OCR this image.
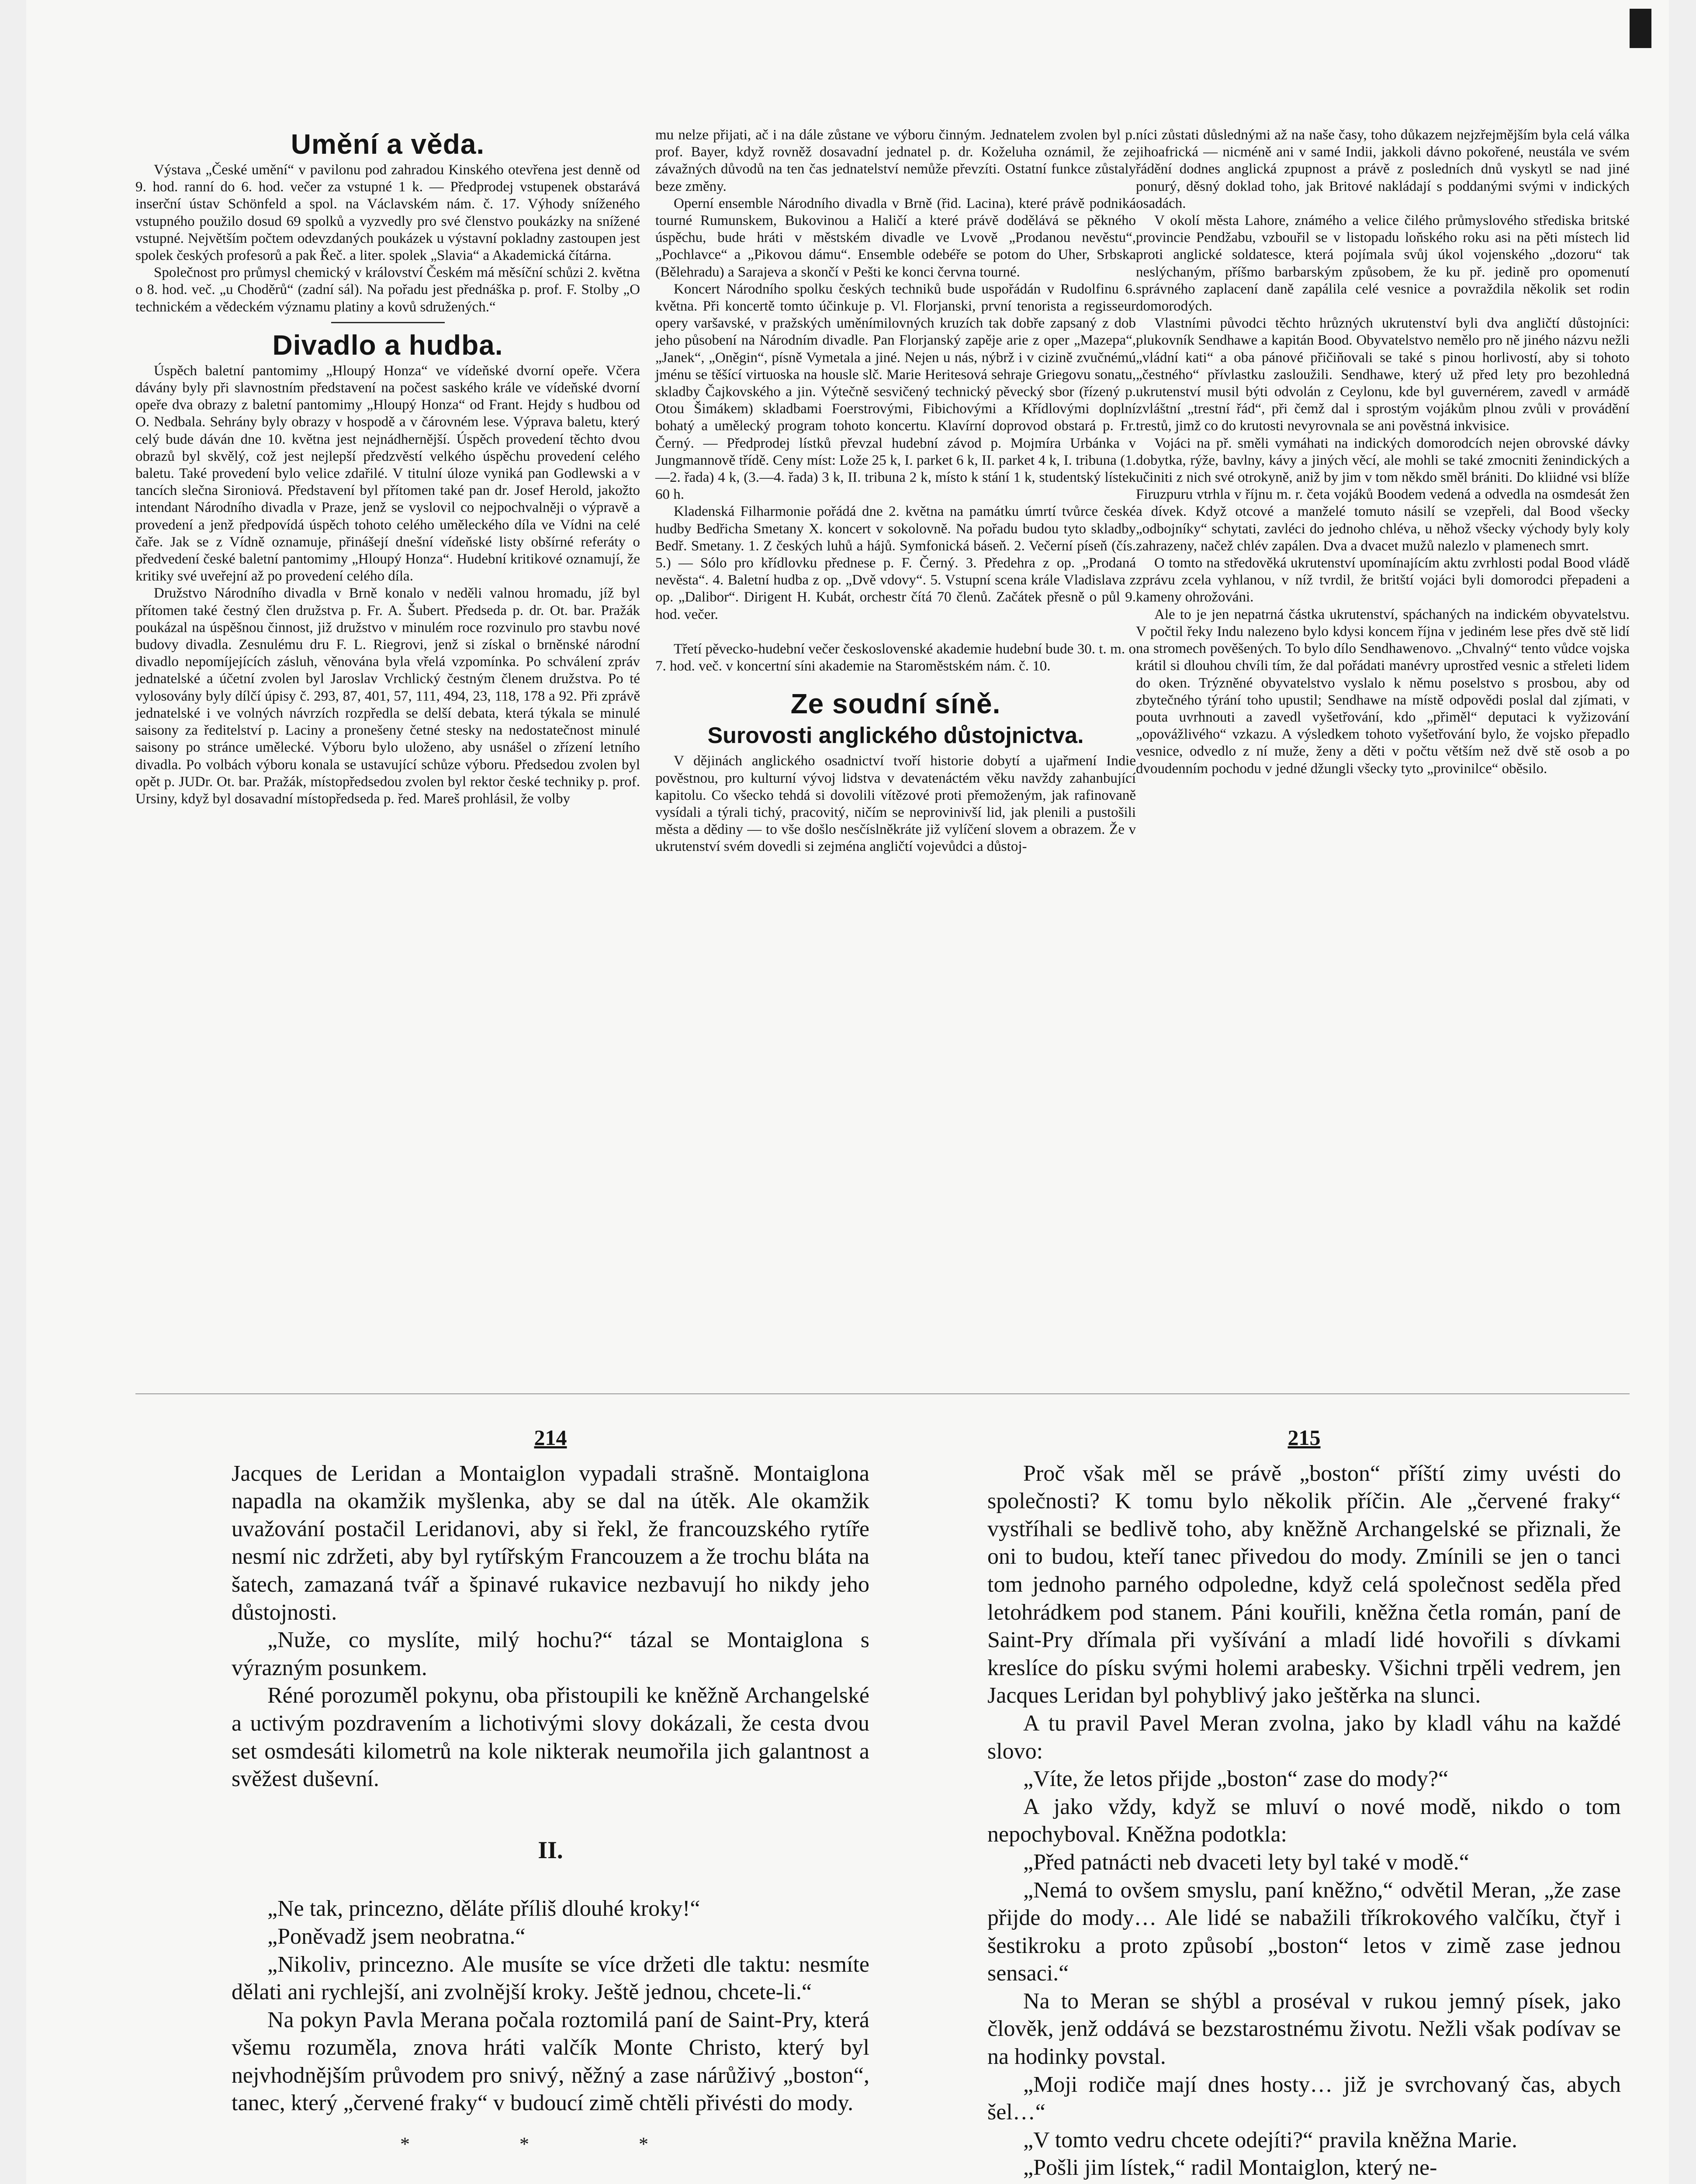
Umění a věda.

Výstava „České umění“ v pavilonu pod zahradou Kinského otevřena jest denně od 9. hod. ranní do 6. hod. večer za vstupné 1 k. — Předprodej vstupenek obstarává inserční ústav Schönfeld a spol. na Václavském nám. č. 17. Výhody sníženého vstupného použilo dosud 69 spolků a vyzvedly pro své členstvo poukázky na snížené vstupné. Největším počtem odevzdaných poukázek u výstavní pokladny zastoupen jest spolek českých profesorů a pak Řeč. a liter. spolek „Slavia“ a Akademická čítárna.

Společnost pro průmysl chemický v království Českém má měsíční schůzi 2. května o 8. hod. več. „u Choděrů“ (zadní sál). Na pořadu jest přednáška p. prof. F. Stolby „O technickém a vědeckém významu platiny a kovů sdružených.“

Divadlo a hudba.

Úspěch baletní pantomimy „Hloupý Honza“ ve vídeňské dvorní opeře. Včera dávány byly při slavnostním představení na počest saského krále ve vídeňské dvorní opeře dva obrazy z baletní pantomimy „Hloupý Honza“ od Frant. Hejdy s hudbou od O. Nedbala. Sehrány byly obrazy v hospodě a v čárovném lese. Výprava baletu, který celý bude dáván dne 10. května jest nejnádhernější. Úspěch provedení těchto dvou obrazů byl skvělý, což jest nejlepší předzvěstí velkého úspěchu provedení celého baletu. Také provedení bylo velice zdařilé. V titulní úloze vyniká pan Godlewski a v tancích slečna Sironiová. Představení byl přítomen také pan dr. Josef Herold, jakožto intendant Národního divadla v Praze, jenž se vyslovil co nejpochvalněji o výpravě a provedení a jenž předpovídá úspěch tohoto celého uměleckého díla ve Vídni na celé čaře. Jak se z Vídně oznamuje, přinášejí dnešní vídeňské listy obšírné referáty o předvedení české baletní pantomimy „Hloupý Honza“. Hudební kritikové oznamují, že kritiky své uveřejní až po provedení celého díla.

Družstvo Národního divadla v Brně konalo v neděli valnou hromadu, jíž byl přítomen také čestný člen družstva p. Fr. A. Šubert. Předseda p. dr. Ot. bar. Pražák poukázal na úspěšnou činnost, již družstvo v minulém roce rozvinulo pro stavbu nové budovy divadla. Zesnulému dru F. L. Riegrovi, jenž si získal o brněnské národní divadlo nepomíjejících zásluh, věnována byla vřelá vzpomínka. Po schválení zpráv jednatelské a účetní zvolen byl Jaroslav Vrchlický čestným členem družstva. Po té vylosovány byly dílčí úpisy č. 293, 87, 401, 57, 111, 494, 23, 118, 178 a 92. Při zprávě jednatelské i ve volných návrzích rozpředla se delší debata, která týkala se minulé saisony za ředitelství p. Laciny a pronešeny četné stesky na nedostatečnost minulé saisony po stránce umělecké. Výboru bylo uloženo, aby usnášel o zřízení letního divadla. Po volbách výboru konala se ustavující schůze výboru. Předsedou zvolen byl opět p. JUDr. Ot. bar. Pražák, místopředsedou zvolen byl rektor české techniky p. prof. Ursiny, když byl dosavadní místopředseda p. řed. Mareš prohlásil, že volby

mu nelze přijati, ač i na dále zůstane ve výboru činným. Jednatelem zvolen byl p. prof. Bayer, když rovněž dosavadní jednatel p. dr. Koželuha oznámil, že ze závažných důvodů na ten čas jednatelství nemůže převzíti. Ostatní funkce zůstaly beze změny.

Operní ensemble Národního divadla v Brně (řid. Lacina), které právě podniká tourné Rumunskem, Bukovinou a Haličí a které právě dodělává se pěkného úspěchu, bude hráti v městském divadle ve Lvově „Prodanou nevěstu“, „Pochlavce“ a „Pikovou dámu“. Ensemble odebéře se potom do Uher, Srbska (Bělehradu) a Sarajeva a skončí v Pešti ke konci června tourné.

Koncert Národního spolku českých techniků bude uspořádán v Rudolfinu 6. května. Při koncertě tomto účinkuje p. Vl. Florjanski, první tenorista a regisseur opery varšavské, v pražských uměnímilovných kruzích tak dobře zapsaný z dob jeho působení na Národním divadle. Pan Florjanský zapěje arie z oper „Mazepa“, „Janek“, „Oněgin“, písně Vymetala a jiné. Nejen u nás, nýbrž i v cizině zvučnémú jménu se těšící virtuoska na housle slč. Marie Heritesová sehraje Griegovu sonatu, skladby Čajkovského a jin. Výtečně sesvičený technický pěvecký sbor (řízený p. Otou Šimákem) skladbami Foerstrovými, Fibichovými a Křídlovými doplní bohatý a umělecký program tohoto koncertu. Klavírní doprovod obstará p. Fr. Černý. — Předprodej lístků převzal hudební závod p. Mojmíra Urbánka v Jungmannově třídě. Ceny míst: Lože 25 k, I. parket 6 k, II. parket 4 k, I. tribuna (1.—2. řada) 4 k, (3.—4. řada) 3 k, II. tribuna 2 k, místo k stání 1 k, studentský lístek 60 h.

Kladenská Filharmonie pořádá dne 2. května na památku úmrtí tvůrce české hudby Bedřicha Smetany X. koncert v sokolovně. Na pořadu budou tyto skladby Bedř. Smetany. 1. Z českých luhů a hájů. Symfonická báseň. 2. Večerní píseň (čís. 5.) — Sólo pro křídlovku přednese p. F. Černý. 3. Předehra z op. „Prodaná nevěsta“. 4. Baletní hudba z op. „Dvě vdovy“. 5. Vstupní scena krále Vladislava z op. „Dalibor“. Dirigent H. Kubát, orchestr čítá 70 členů. Začátek přesně o půl 9. hod. večer.

Třetí pěvecko-hudební večer československé akademie hudební bude 30. t. m. o 7. hod. več. v koncertní síni akademie na Staroměstském nám. č. 10.

Ze soudní síně.
Surovosti anglického důstojnictva.

V dějinách anglického osadnictví tvoří historie dobytí a ujařmení Indie pověstnou, pro kulturní vývoj lidstva v devatenáctém věku navždy zahanbující kapitolu. Co všecko tehdá si dovolili vítězové proti přemoženým, jak rafinovaně vysídali a týrali tichý, pracovitý, ničím se neprovinivší lid, jak plenili a pustošili města a dědiny — to vše došlo nesčíslněkráte již vylíčení slovem a obrazem. Že v ukrutenství svém dovedli si zejména angličtí vojevůdci a důstoj-

níci zůstati důslednými až na naše časy, toho důkazem nejzřejmějším byla celá válka jihoafrická — nicméně ani v samé Indii, jakkoli dávno pokořené, neustála ve svém řádění dodnes anglická zpupnost a právě z posledních dnů vyskytl se nad jiné ponurý, děsný doklad toho, jak Britové nakládají s poddanými svými v indických osadách.

V okolí města Lahore, známého a velice čilého průmyslového střediska britské provincie Pendžabu, vzbouřil se v listopadu loňského roku asi na pěti místech lid proti anglické soldatesce, která pojímala svůj úkol vojenského „dozoru“ tak neslýchaným, příšmo barbarským způsobem, že ku př. jedině pro opomenutí správného zaplacení daně zapálila celé vesnice a povraždila několik set rodin domorodých.

Vlastními původci těchto hrůzných ukrutenství byli dva angličtí důstojníci: plukovník Sendhawe a kapitán Bood. Obyvatelstvo nemělo pro ně jiného názvu nežli „vládní kati“ a oba pánové přičiňovali se také s pinou horlivostí, aby si tohoto „čestného“ přívlastku zasloužili. Sendhawe, který už před lety pro bezohledná ukrutenství musil býti odvolán z Ceylonu, kde byl guvernérem, zavedl v armádě zvláštní „trestní řád“, při čemž dal i sprostým vojákům plnou zvůli v provádění trestů, jimž co do krutosti nevyrovnala se ani pověstná inkvisice.

Vojáci na př. směli vymáhati na indických domorodcích nejen obrovské dávky dobytka, rýže, bavlny, kávy a jiných věcí, ale mohli se také zmocniti ženindických a učiniti z nich své otrokyně, aniž by jim v tom někdo směl brániti. Do kliidné vsi blíže Firuzpuru vtrhla v říjnu m. r. četa vojáků Boodem vedená a odvedla na osmdesát žen a dívek. Když otcové a manželé tomuto násilí se vzepřeli, dal Bood všecky „odbojníky“ schytati, zavléci do jednoho chléva, u něhož všecky východy byly koly zahrazeny, načež chlév zapálen. Dva a dvacet mužů nalezlo v plamenech smrt.

O tomto na středověká ukrutenství upomínajícím aktu zvrhlosti podal Bood vládě zprávu zcela vyhlanou, v níž tvrdil, že britští vojáci byli domorodci přepadeni a kameny ohrožováni.

Ale to je jen nepatrná částka ukrutenství, spáchaných na indickém obyvatelstvu. V počtil řeky Indu nalezeno bylo kdysi koncem října v jediném lese přes dvě stě lidí na stromech pověšených. To bylo dílo Sendhawenovo. „Chvalný“ tento vůdce vojska krátil si dlouhou chvíli tím, že dal pořádati manévry uprostřed vesnic a střeleti lidem do oken. Trýzněné obyvatelstvo vyslalo k němu poselstvo s prosbou, aby od zbytečného týrání toho upustil; Sendhawe na místě odpovědi poslal dal zjímati, v pouta uvrhnouti a zavedl vyšetřování, kdo „přiměl“ deputaci k vyžizování „opovážlivého“ vzkazu. A výsledkem tohoto vyšetřování bylo, že vojsko přepadlo vesnice, odvedlo z ní muže, ženy a děti v počtu větším než dvě stě osob a po dvoudenním pochodu v jedné džungli všecky tyto „provinilce“ oběsilo.

214

Jacques de Leridan a Montaiglon vypadali strašně. Montaiglona napadla na okamžik myšlenka, aby se dal na útěk. Ale okamžik uvažování postačil Leridanovi, aby si řekl, že francouzského rytíře nesmí nic zdržeti, aby byl rytířským Francouzem a že trochu bláta na šatech, zamazaná tvář a špinavé rukavice nezbavují ho nikdy jeho důstojnosti.

„Nuže, co myslíte, milý hochu?“ tázal se Montaiglona s výrazným posunkem.

Réné porozuměl pokynu, oba přistoupili ke kněžně Archangelské a uctivým pozdravením a lichotivými slovy dokázali, že cesta dvou set osmdesáti kilometrů na kole nikterak neumořila jich galantnost a svěžest duševní.

II.

„Ne tak, princezno, děláte příliš dlouhé kroky!“

„Poněvadž jsem neobratna.“

„Nikoliv, princezno. Ale musíte se více držeti dle taktu: nesmíte dělati ani rychlejší, ani zvolnější kroky. Ještě jednou, chcete-li.“

Na pokyn Pavla Merana počala roztomilá paní de Saint-Pry, která všemu rozuměla, znova hráti valčík Monte Christo, který byl nejvhodnějším průvodem pro snivý, něžný a zase nárůživý „boston“, tanec, který „červené fraky“ v budoucí zimě chtěli přivésti do mody.

* * *
215

Proč však měl se právě „boston“ příští zimy uvésti do společnosti? K tomu bylo několik příčin. Ale „červené fraky“ vystříhali se bedlivě toho, aby kněžně Archangelské se přiznali, že oni to budou, kteří tanec přivedou do mody. Zmínili se jen o tanci tom jednoho parného odpoledne, když celá společnost seděla před letohrádkem pod stanem. Páni kouřili, kněžna četla román, paní de Saint-Pry dřímala při vyšívání a mladí lidé hovořili s dívkami kreslíce do písku svými holemi arabesky. Všichni trpěli vedrem, jen Jacques Leridan byl pohyblivý jako ještěrka na slunci.

A tu pravil Pavel Meran zvolna, jako by kladl váhu na každé slovo:

„Víte, že letos přijde „boston“ zase do mody?“

A jako vždy, když se mluví o nové modě, nikdo o tom nepochyboval. Kněžna podotkla:

„Před patnácti neb dvaceti lety byl také v modě.“

„Nemá to ovšem smyslu, paní kněžno,“ odvětil Meran, „že zase přijde do mody… Ale lidé se nabažili tříkrokového valčíku, čtyř i šestikroku a proto způsobí „boston“ letos v zimě zase jednou sensaci.“

Na to Meran se shýbl a proséval v rukou jemný písek, jako člověk, jenž oddává se bezstarostnému životu. Nežli však podívav se na hodinky povstal.

„Moji rodiče mají dnes hosty… již je svrchovaný čas, abych šel…“

„V tomto vedru chcete odejíti?“ pravila kněžna Marie.

„Pošli jim lístek,“ radil Montaiglon, který ne-
